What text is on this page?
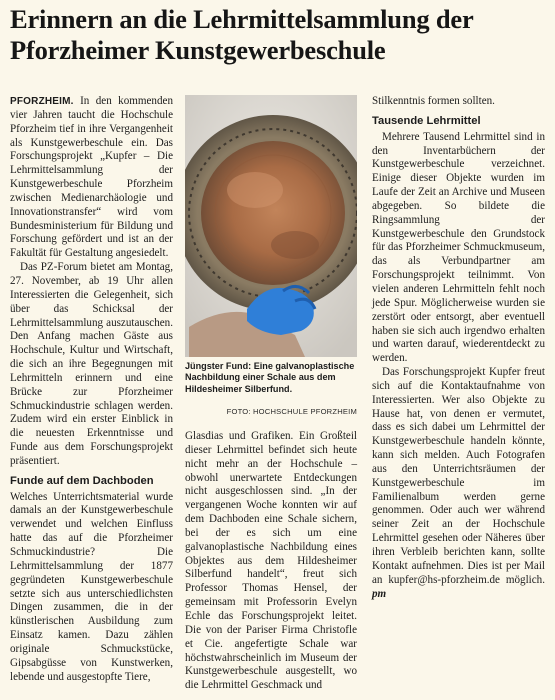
Erinnern an die Lehrmittelsammlung der Pforzheimer Kunstgewerbeschule

PFORZHEIM. In den kommenden vier Jahren taucht die Hochschule Pforzheim tief in ihre Vergangenheit als Kunstgewerbeschule ein. Das Forschungsprojekt „Kupfer – Die Lehrmittelsammlung der Kunstgewerbeschule Pforzheim zwischen Medienarchäologie und Innovationstransfer“ wird vom Bundesministerium für Bildung und Forschung gefördert und ist an der Fakultät für Gestaltung angesiedelt.

Das PZ-Forum bietet am Montag, 27. November, ab 19 Uhr allen Interessierten die Gelegenheit, sich über das Schicksal der Lehrmittelsammlung auszutauschen. Den Anfang machen Gäste aus Hochschule, Kultur und Wirtschaft, die sich an ihre Begegnungen mit Lehrmitteln erinnern und eine Brücke zur Pforzheimer Schmuckindustrie schlagen werden. Zudem wird ein erster Einblick in die neuesten Erkenntnisse und Funde aus dem Forschungsprojekt präsentiert.

Funde auf dem Dachboden

Welches Unterrichtsmaterial wurde damals an der Kunstgewerbeschule verwendet und welchen Einfluss hatte das auf die Pforzheimer Schmuckindustrie? Die Lehrmittelsammlung der 1877 gegründeten Kunstgewerbeschule setzte sich aus unterschiedlichsten Dingen zusammen, die in der künstlerischen Ausbildung zum Einsatz kamen. Dazu zählen originale Schmuckstücke, Gipsabgüsse von Kunstwerken, lebende und ausgestopfte Tiere,

Jüngster Fund: Eine galvanoplastische Nachbildung einer Schale aus dem Hildesheimer Silberfund.
FOTO: HOCHSCHULE PFORZHEIM

Glasdias und Grafiken. Ein Großteil dieser Lehrmittel befindet sich heute nicht mehr an der Hochschule – obwohl unerwartete Entdeckungen nicht ausgeschlossen sind. „In der vergangenen Woche konnten wir auf dem Dachboden eine Schale sichern, bei der es sich um eine galvanoplastische Nachbildung eines Objektes aus dem Hildesheimer Silberfund handelt“, freut sich Professor Thomas Hensel, der gemeinsam mit Professorin Evelyn Echle das Forschungsprojekt leitet. Die von der Pariser Firma Christofle et Cie. angefertigte Schale war höchstwahrscheinlich im Museum der Kunstgewerbeschule ausgestellt, wo die Lehrmittel Geschmack und

Stilkenntnis formen sollten.

Tausende Lehrmittel

Mehrere Tausend Lehrmittel sind in den Inventarbüchern der Kunstgewerbeschule verzeichnet. Einige dieser Objekte wurden im Laufe der Zeit an Archive und Museen abgegeben. So bildete die Ringsammlung der Kunstgewerbeschule den Grundstock für das Pforzheimer Schmuckmuseum, das als Verbundpartner am Forschungsprojekt teilnimmt. Von vielen anderen Lehrmitteln fehlt noch jede Spur. Möglicherweise wurden sie zerstört oder entsorgt, aber eventuell haben sie sich auch irgendwo erhalten und warten darauf, wiederentdeckt zu werden.

Das Forschungsprojekt Kupfer freut sich auf die Kontaktaufnahme von Interessierten. Wer also Objekte zu Hause hat, von denen er vermutet, dass es sich dabei um Lehrmittel der Kunstgewerbeschule handeln könnte, kann sich melden. Auch Fotografen aus den Unterrichtsräumen der Kunstgewerbeschule im Familienalbum werden gerne genommen. Oder auch wer während seiner Zeit an der Hochschule Lehrmittel gesehen oder Näheres über ihren Verbleib berichten kann, sollte Kontakt aufnehmen. Dies ist per Mail an kupfer@hs-pforzheim.de möglich. pm
